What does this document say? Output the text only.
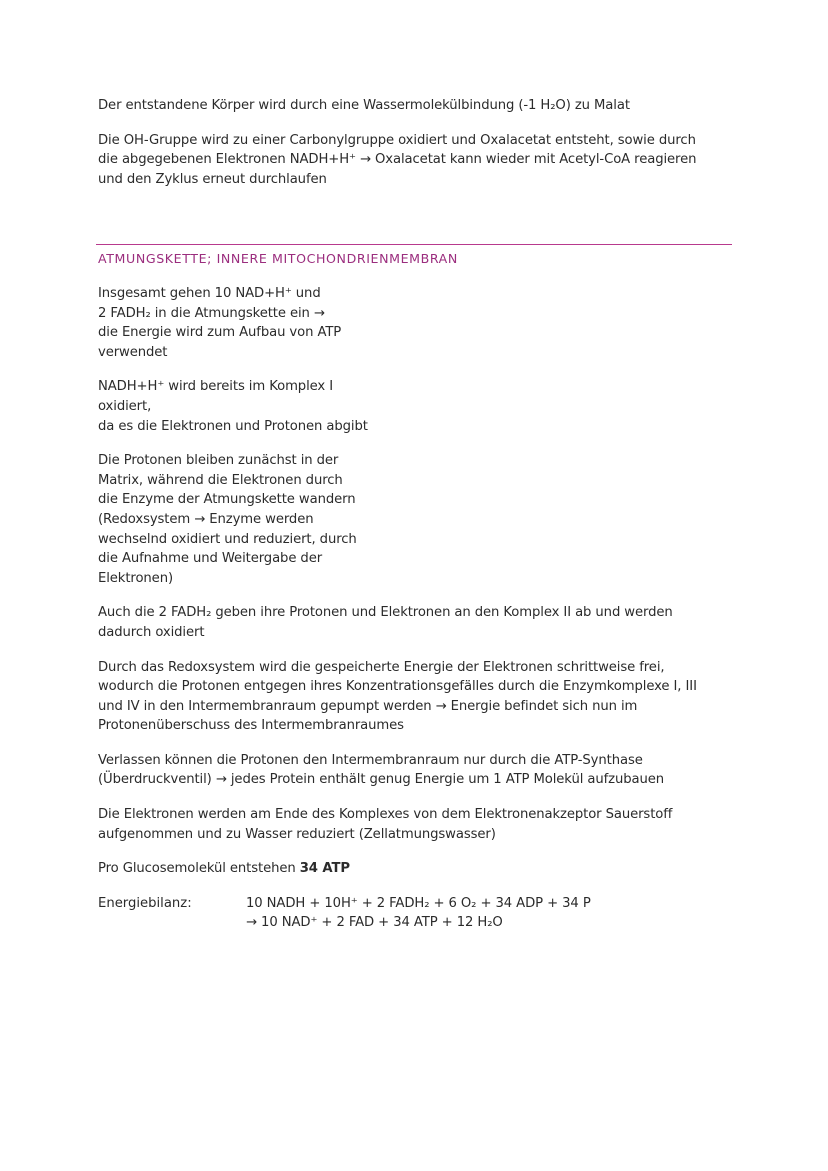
Der entstandene Körper wird durch eine Wassermolekülbindung (-1 H₂O) zu Malat

Die OH-Gruppe wird zu einer Carbonylgruppe oxidiert und Oxalacetat entsteht, sowie durch

die abgegebenen Elektronen NADH+H⁺ → Oxalacetat kann wieder mit Acetyl-CoA reagieren

und den Zyklus erneut durchlaufen

ATMUNGSKETTE; INNERE MITOCHONDRIENMEMBRAN

Insgesamt gehen 10 NAD+H⁺ und

2 FADH₂ in die Atmungskette ein →

die Energie wird zum Aufbau von ATP

verwendet

NADH+H⁺ wird bereits im Komplex I oxidiert,

da es die Elektronen und Protonen abgibt

Die Protonen bleiben zunächst in der

Matrix, während die Elektronen durch

die Enzyme der Atmungskette wandern

(Redoxsystem → Enzyme werden

wechselnd oxidiert und reduziert, durch

die Aufnahme und Weitergabe der

Elektronen)

Auch die 2 FADH₂ geben ihre Protonen und Elektronen an den Komplex II ab und werden

dadurch oxidiert

Durch das Redoxsystem wird die gespeicherte Energie der Elektronen schrittweise frei,

wodurch die Protonen entgegen ihres Konzentrationsgefälles durch die Enzymkomplexe I, III

und IV in den Intermembranraum gepumpt werden → Energie befindet sich nun im

Protonenüberschuss des Intermembranraumes

Verlassen können die Protonen den Intermembranraum nur durch die ATP-Synthase

(Überdruckventil) → jedes Protein enthält genug Energie um 1 ATP Molekül aufzubauen

Die Elektronen werden am Ende des Komplexes von dem Elektronenakzeptor Sauerstoff

aufgenommen und zu Wasser reduziert (Zellatmungswasser)

Pro Glucosemolekül entstehen 34 ATP

Energiebilanz:	10 NADH + 10H⁺ + 2 FADH₂ + 6 O₂ + 34 ADP + 34 P

→ 10 NAD⁺ + 2 FAD + 34 ATP + 12 H₂O
